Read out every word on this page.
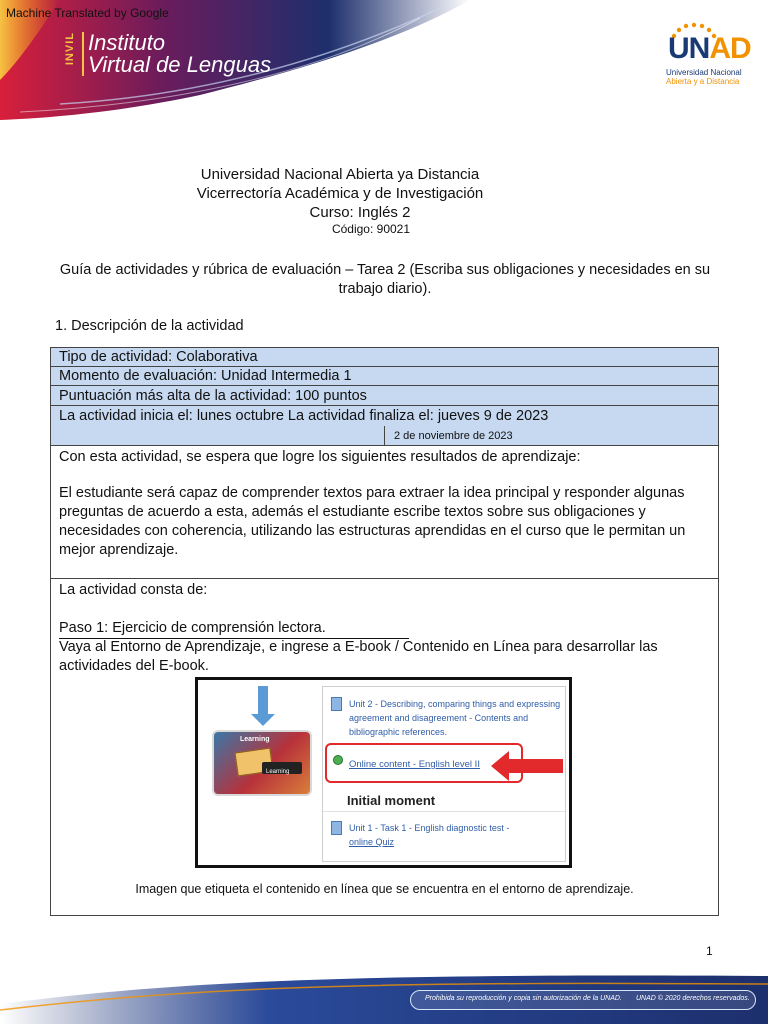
Machine Translated by Google
INVIL Instituto
Virtual de Lenguas	UNAD
Universidad Nacional
Abierta y a Distancia
Universidad Nacional Abierta ya Distancia
Vicerrectoría Académica y de Investigación
Curso: Inglés 2
Código: 90021
Guía de actividades y rúbrica de evaluación – Tarea 2 (Escriba sus obligaciones y necesidades en su trabajo diario).
1. Descripción de la actividad
Tipo de actividad: Colaborativa
Momento de evaluación: Unidad Intermedia 1
Puntuación más alta de la actividad: 100 puntos
La actividad inicia el: lunes octubre La actividad finaliza el: jueves 9 de 2023
2 de noviembre de 2023
Con esta actividad, se espera que logre los siguientes resultados de aprendizaje:
El estudiante será capaz de comprender textos para extraer la idea principal y responder algunas preguntas de acuerdo a esta, además el estudiante escribe textos sobre sus obligaciones y necesidades con coherencia, utilizando las estructuras aprendidas en el curso que le permitan un mejor aprendizaje.
La actividad consta de:
Paso 1: Ejercicio de comprensión lectora.
Vaya al Entorno de Aprendizaje, e ingrese a E-book / Contenido en Línea para desarrollar las actividades del E-book.
Learning
Learning
Unit 2 - Describing, comparing things and expressing agreement and disagreement - Contents and bibliographic references.
Online content - English level II
Initial moment
Unit 1 - Task 1 - English diagnostic test -
online Quiz
Imagen que etiqueta el contenido en línea que se encuentra en el entorno de aprendizaje.
1
Prohibida su reproducción y copia sin autorización de la UNAD. UNAD © 2020 derechos reservados.
